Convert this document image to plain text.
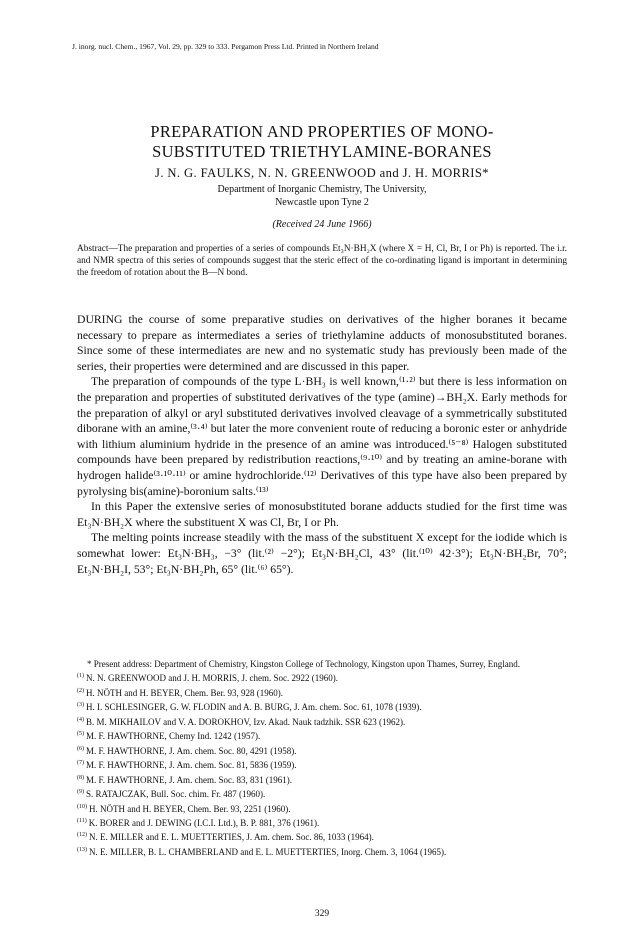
J. inorg. nucl. Chem., 1967, Vol. 29, pp. 329 to 333. Pergamon Press Ltd. Printed in Northern Ireland
PREPARATION AND PROPERTIES OF MONO-
SUBSTITUTED TRIETHYLAMINE-BORANES
J. N. G. FAULKS, N. N. GREENWOOD and J. H. MORRIS*
Department of Inorganic Chemistry, The University,
Newcastle upon Tyne 2
(Received 24 June 1966)
Abstract—The preparation and properties of a series of compounds Et₃N·BH₂X (where X = H, Cl, Br, I or Ph) is reported. The i.r. and NMR spectra of this series of compounds suggest that the steric effect of the co-ordinating ligand is important in determining the freedom of rotation about the B—N bond.

DURING the course of some preparative studies on derivatives of the higher boranes it became necessary to prepare as intermediates a series of triethylamine adducts of monosubstituted boranes. Since some of these intermediates are new and no systematic study has previously been made of the series, their properties were determined and are discussed in this paper.

The preparation of compounds of the type L·BH₃ is well known,⁽¹·²⁾ but there is less information on the preparation and properties of substituted derivatives of the type (amine)→BH₂X. Early methods for the preparation of alkyl or aryl substituted derivatives involved cleavage of a symmetrically substituted diborane with an amine,⁽³·⁴⁾ but later the more convenient route of reducing a boronic ester or anhydride with lithium aluminium hydride in the presence of an amine was introduced.⁽⁵⁻⁸⁾ Halogen substituted compounds have been prepared by redistribution reactions,⁽⁹·¹⁰⁾ and by treating an amine-borane with hydrogen halide⁽³·¹⁰·¹¹⁾ or amine hydrochloride.⁽¹²⁾ Derivatives of this type have also been prepared by pyrolysing bis(amine)-boronium salts.⁽¹³⁾

In this Paper the extensive series of monosubstituted borane adducts studied for the first time was Et₃N·BH₂X where the substituent X was Cl, Br, I or Ph.

The melting points increase steadily with the mass of the substituent X except for the iodide which is somewhat lower: Et₃N·BH₃, −3° (lit.⁽²⁾ −2°); Et₃N·BH₂Cl, 43° (lit.⁽¹⁰⁾ 42·3°); Et₃N·BH₂Br, 70°; Et₃N·BH₂I, 53°; Et₃N·BH₂Ph, 65° (lit.⁽⁶⁾ 65°).

* Present address: Department of Chemistry, Kingston College of Technology, Kingston upon Thames, Surrey, England.

$^{(1)}$ N. N. GREENWOOD and J. H. MORRIS, J. chem. Soc. 2922 (1960).

$^{(2)}$ H. NÖTH and H. BEYER, Chem. Ber. 93, 928 (1960).

$^{(3)}$ H. I. SCHLESINGER, G. W. FLODIN and A. B. BURG, J. Am. chem. Soc. 61, 1078 (1939).

$^{(4)}$ B. M. MIKHAILOV and V. A. DOROKHOV, Izv. Akad. Nauk tadzhik. SSR 623 (1962).

$^{(5)}$ M. F. HAWTHORNE, Chemy Ind. 1242 (1957).

$^{(6)}$ M. F. HAWTHORNE, J. Am. chem. Soc. 80, 4291 (1958).

$^{(7)}$ M. F. HAWTHORNE, J. Am. chem. Soc. 81, 5836 (1959).

$^{(8)}$ M. F. HAWTHORNE, J. Am. chem. Soc. 83, 831 (1961).

$^{(9)}$ S. RATAJCZAK, Bull. Soc. chim. Fr. 487 (1960).

$^{(10)}$ H. NÖTH and H. BEYER, Chem. Ber. 93, 2251 (1960).

$^{(11)}$ K. BORER and J. DEWING (I.C.I. Ltd.), B. P. 881, 376 (1961).

$^{(12)}$ N. E. MILLER and E. L. MUETTERTIES, J. Am. chem. Soc. 86, 1033 (1964).

$^{(13)}$ N. E. MILLER, B. L. CHAMBERLAND and E. L. MUETTERTIES, Inorg. Chem. 3, 1064 (1965).

329
